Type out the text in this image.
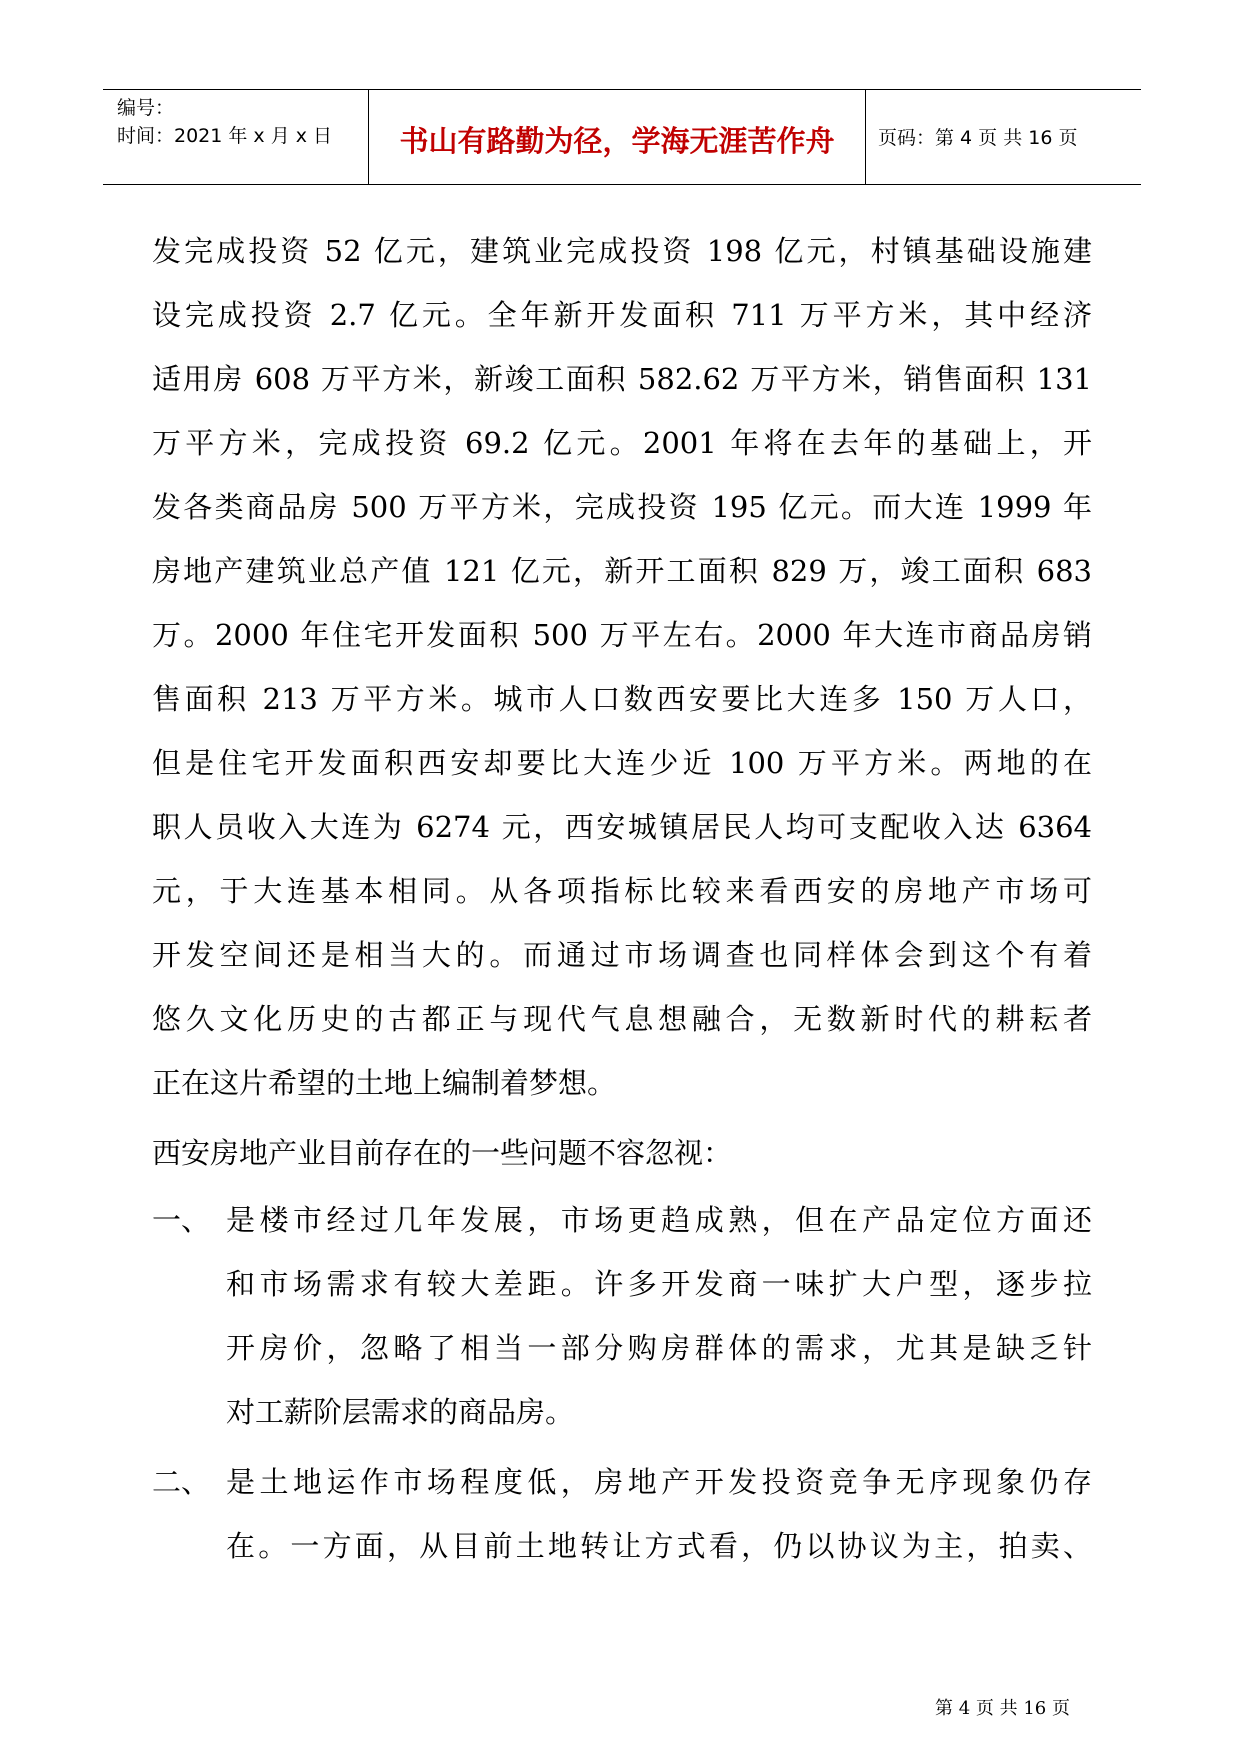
编号：
时间：2021 年 x 月 x 日	书山有路勤为径，学海无涯苦作舟	页码：第 4 页 共 16 页
发完成投资 52 亿元，建筑业完成投资 198 亿元，村镇基础设施建
设完成投资 2.7 亿元。全年新开发面积 711 万平方米，其中经济
适用房 608 万平方米，新竣工面积 582.62 万平方米，销售面积 131
万平方米，完成投资 69.2 亿元。2001 年将在去年的基础上，开
发各类商品房 500 万平方米，完成投资 195 亿元。而大连 1999 年
房地产建筑业总产值 121 亿元，新开工面积 829 万，竣工面积 683
万。2000 年住宅开发面积 500 万平左右。2000 年大连市商品房销
售面积 213 万平方米。城市人口数西安要比大连多 150 万人口，
但是住宅开发面积西安却要比大连少近 100 万平方米。两地的在
职人员收入大连为 6274 元，西安城镇居民人均可支配收入达 6364
元，于大连基本相同。从各项指标比较来看西安的房地产市场可
开发空间还是相当大的。而通过市场调查也同样体会到这个有着
悠久文化历史的古都正与现代气息想融合，无数新时代的耕耘者
正在这片希望的土地上编制着梦想。
西安房地产业目前存在的一些问题不容忽视：
一、 是楼市经过几年发展，市场更趋成熟，但在产品定位方面还
和市场需求有较大差距。许多开发商一味扩大户型，逐步拉
开房价，忽略了相当一部分购房群体的需求，尤其是缺乏针
对工薪阶层需求的商品房。
二、 是土地运作市场程度低，房地产开发投资竞争无序现象仍存
在。一方面，从目前土地转让方式看，仍以协议为主，拍卖、
第 4 页 共 16 页
